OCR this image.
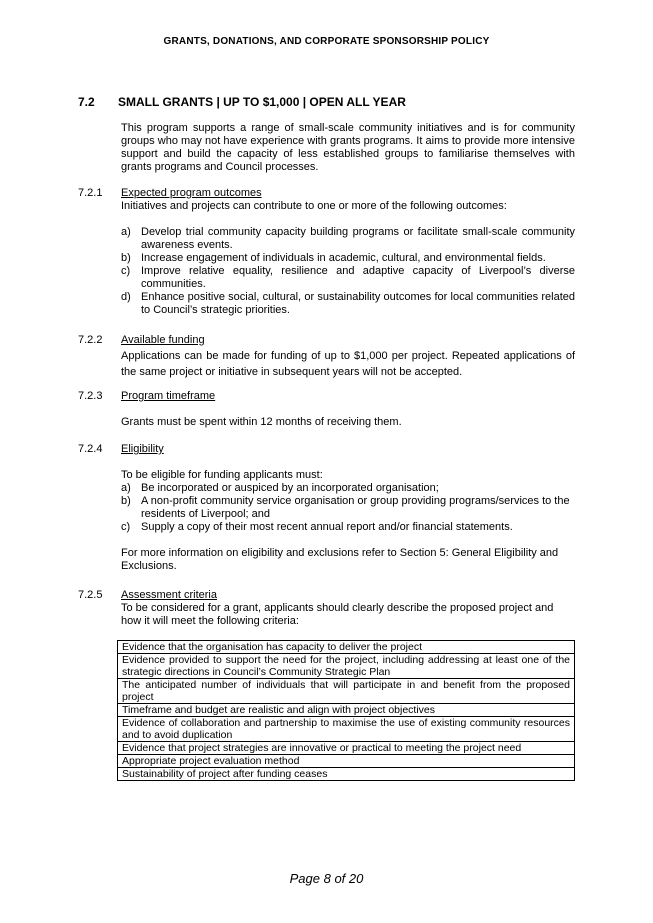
GRANTS, DONATIONS, AND CORPORATE SPONSORSHIP POLICY
7.2 SMALL GRANTS | UP TO $1,000 | OPEN ALL YEAR
This program supports a range of small-scale community initiatives and is for community groups who may not have experience with grants programs. It aims to provide more intensive support and build the capacity of less established groups to familiarise themselves with grants programs and Council processes.
7.2.1 Expected program outcomes
Initiatives and projects can contribute to one or more of the following outcomes:
a) Develop trial community capacity building programs or facilitate small-scale community awareness events.
b) Increase engagement of individuals in academic, cultural, and environmental fields.
c) Improve relative equality, resilience and adaptive capacity of Liverpool’s diverse communities.
d) Enhance positive social, cultural, or sustainability outcomes for local communities related to Council’s strategic priorities.
7.2.2 Available funding
Applications can be made for funding of up to $1,000 per project. Repeated applications of the same project or initiative in subsequent years will not be accepted.
7.2.3 Program timeframe
Grants must be spent within 12 months of receiving them.
7.2.4 Eligibility
To be eligible for funding applicants must:
a) Be incorporated or auspiced by an incorporated organisation;
b) A non-profit community service organisation or group providing programs/services to the residents of Liverpool; and
c) Supply a copy of their most recent annual report and/or financial statements.
For more information on eligibility and exclusions refer to Section 5: General Eligibility and Exclusions.
7.2.5 Assessment criteria
To be considered for a grant, applicants should clearly describe the proposed project and how it will meet the following criteria:
Evidence that the organisation has capacity to deliver the project
Evidence provided to support the need for the project, including addressing at least one of the strategic directions in Council’s Community Strategic Plan
The anticipated number of individuals that will participate in and benefit from the proposed project
Timeframe and budget are realistic and align with project objectives
Evidence of collaboration and partnership to maximise the use of existing community resources and to avoid duplication
Evidence that project strategies are innovative or practical to meeting the project need
Appropriate project evaluation method
Sustainability of project after funding ceases
Page 8 of 20
